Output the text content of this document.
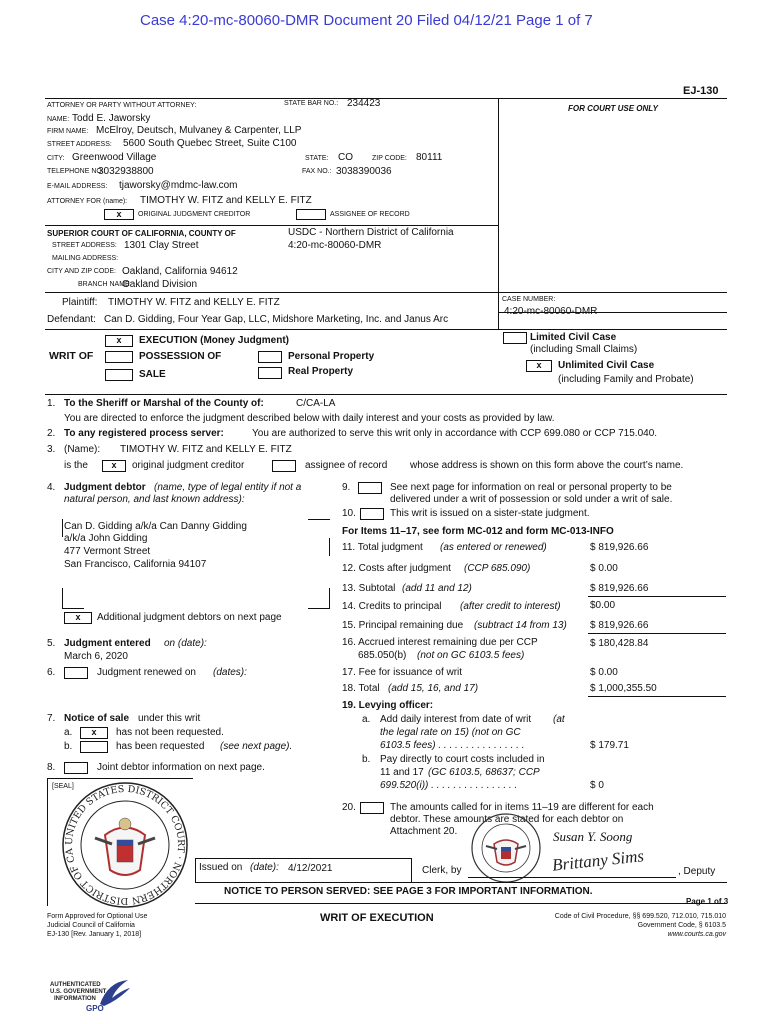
Case 4:20-mc-80060-DMR Document 20 Filed 04/12/21 Page 1 of 7
EJ-130
ATTORNEY OR PARTY WITHOUT ATTORNEY:	STATE BAR NO.: 234423	FOR COURT USE ONLY
NAME: Todd E. Jaworsky
FIRM NAME: McElroy, Deutsch, Mulvaney & Carpenter, LLP
STREET ADDRESS: 5600 South Quebec Street, Suite C100
CITY: Greenwood Village	STATE: CO	ZIP CODE: 80111
TELEPHONE NO.:
3032938800	FAX NO.: 3038390036
E-MAIL ADDRESS: tjaworsky@mdmc-law.com
ATTORNEY FOR (name): TIMOTHY W. FITZ and KELLY E. FITZ
x	ORIGINAL JUDGMENT CREDITOR	ASSIGNEE OF RECORD
SUPERIOR COURT OF CALIFORNIA, COUNTY OF	USDC - Northern District of California
STREET ADDRESS: 1301 Clay Street	4:20-mc-80060-DMR
MAILING ADDRESS:
CITY AND ZIP CODE: Oakland, California 94612
BRANCH NAME:
Oakland Division
Plaintiff: TIMOTHY W. FITZ and KELLY E. FITZ
Defendant: Can D. Gidding, Four Year Gap, LLC, Midshore Marketing, Inc. and Janus Arc
CASE NUMBER:
4:20-mc-80060-DMR
x	EXECUTION (Money Judgment)
WRIT OF	POSSESSION OF	Personal Property
Real Property
SALE
Limited Civil Case
(including Small Claims)
x	Unlimited Civil Case
(including Family and Probate)
1. To the Sheriff or Marshal of the County of:	C/CA-LA
You are directed to enforce the judgment described below with daily interest and your costs as provided by law.
2. To any registered process server:	You are authorized to serve this writ only in accordance with CCP 699.080 or CCP 715.040.
3. (Name): TIMOTHY W. FITZ and KELLY E. FITZ
is the	x	original judgment creditor	assignee of record whose address is shown on this form above the court’s name.
4. Judgment debtor (name, type of legal entity if not a
natural person, and last known address):
Can D. Gidding a/k/a Can Danny Gidding
a/k/a John Gidding
477 Vermont Street
San Francisco, California 94107
x	Additional judgment debtors on next page
5. Judgment entered on (date):
March 6, 2020
6.	Judgment renewed on (dates):
7. Notice of sale under this writ
a.	x	has not been requested.
b.	has been requested (see next page).
8.	Joint debtor information on next page.
[SEAL]
UNITED STATES DISTRICT COURT · NORTHERN DISTRICT OF CALIFORNIA
9.	See next page for information on real or personal property to be
delivered under a writ of possession or sold under a writ of sale.
10.	This writ is issued on a sister-state judgment.
For Items 11–17, see form MC-012 and form MC-013-INFO
11. Total judgment (as entered or renewed)	$ 819,926.66
12. Costs after judgment (CCP 685.090)	$ 0.00
13. Subtotal (add 11 and 12)	$ 819,926.66
14. Credits to principal (after credit to interest)	$0.00
15. Principal remaining due (subtract 14 from 13) $ 819,926.66
16. Accrued interest remaining due per CCP
685.050(b) (not on GC 6103.5 fees)
$ 180,428.84
17. Fee for issuance of writ	$ 0.00
18. Total (add 15, 16, and 17)	$ 1,000,355.50
19. Levying officer:
a. Add daily interest from date of writ (at
the legal rate on 15) (not on GC
6103.5 fees) . . . . . . . . . . . . . . . .	$ 179.71
b. Pay directly to court costs included in
11 and 17 (GC 6103.5, 68637; CCP
699.520(i)) . . . . . . . . . . . . . . . .	$ 0
20.	The amounts called for in items 11–19 are different for each
debtor. These amounts are stated for each debtor on
Attachment 20.	Susan Y. Soong
Brittany Sims
Issued on (date): 4/12/2021	Clerk, by	, Deputy
NOTICE TO PERSON SERVED: SEE PAGE 3 FOR IMPORTANT INFORMATION.
Page 1 of 3
Form Approved for Optional Use
Judicial Council of California
EJ-130 [Rev. January 1, 2018]
WRIT OF EXECUTION	Code of Civil Procedure, §§ 699.520, 712.010, 715.010
Government Code, § 6103.5
www.courts.ca.gov
AUTHENTICATED
U.S. GOVERNMENT
INFORMATION
GPO
